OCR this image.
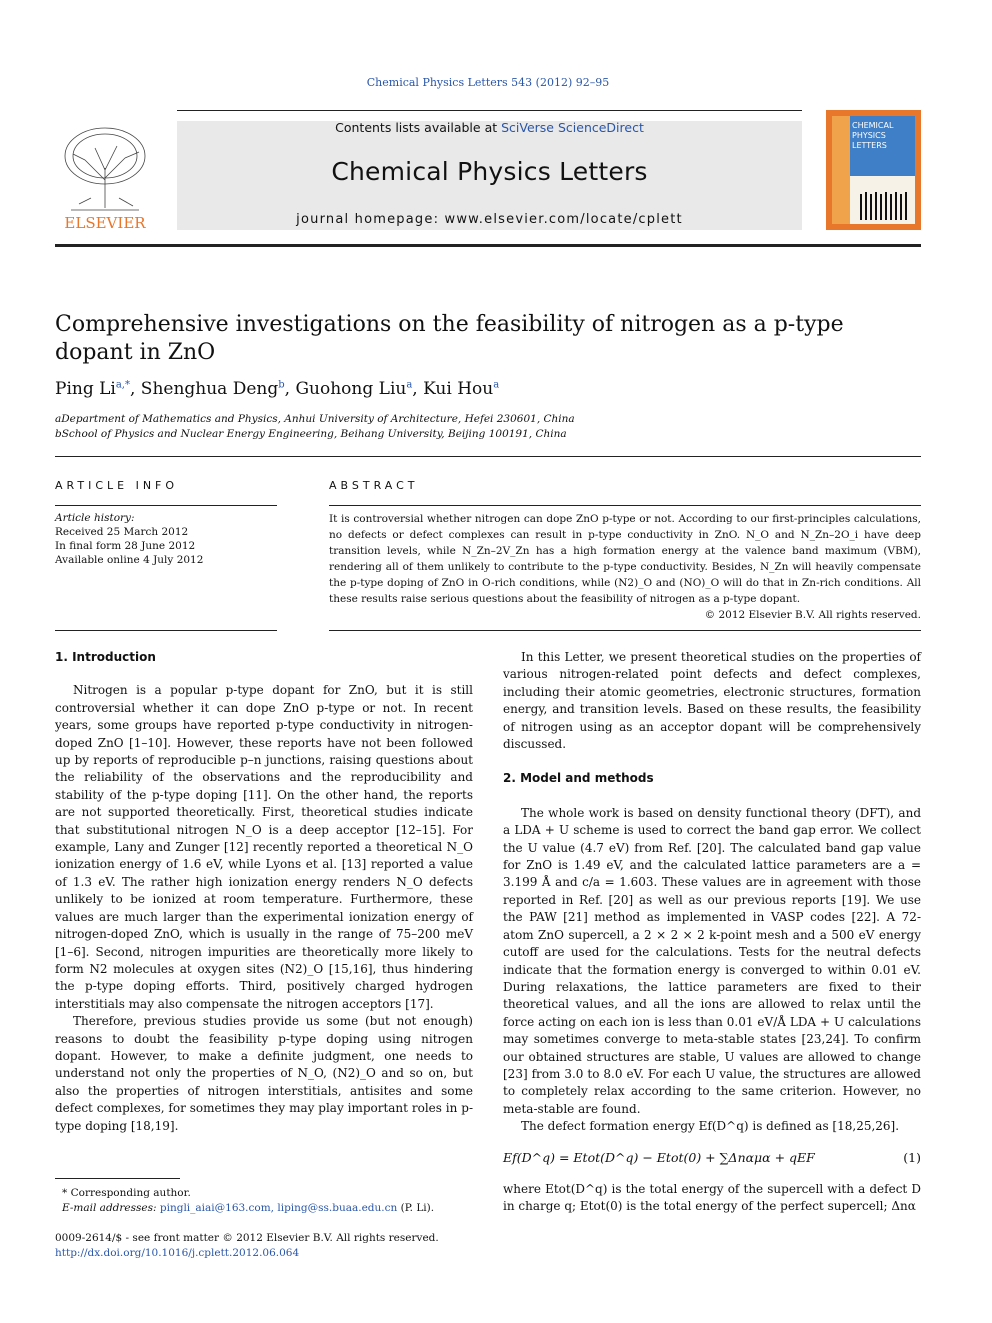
Chemical Physics Letters 543 (2012) 92–95
ELSEVIER
Contents lists available at SciVerse ScienceDirect
Chemical Physics Letters
journal homepage: www.elsevier.com/locate/cplett
CHEMICAL
PHYSICS
LETTERS
Comprehensive investigations on the feasibility of nitrogen as a p-type dopant in ZnO
Ping $Li^{a,*}$, Shenghua Deng$^b$, Guohong Liu$^a$, Kui Hou$^a$
aDepartment of Mathematics and Physics, Anhui University of Architecture, Hefei 230601, China
bSchool of Physics and Nuclear Energy Engineering, Beihang University, Beijing 100191, China
ARTICLE INFO
Article history:
Received 25 March 2012
In final form 28 June 2012
Available online 4 July 2012
ABSTRACT
It is controversial whether nitrogen can dope ZnO p-type or not. According to our first-principles calculations, no defects or defect complexes can result in p-type conductivity in ZnO. N_O and N_Zn–2O_i have deep transition levels, while N_Zn–2V_Zn has a high formation energy at the valence band maximum (VBM), rendering all of them unlikely to contribute to the p-type conductivity. Besides, N_Zn will heavily compensate the p-type doping of ZnO in O-rich conditions, while (N2)_O and (NO)_O will do that in Zn-rich conditions. All these results raise serious questions about the feasibility of nitrogen as a p-type dopant.
© 2012 Elsevier B.V. All rights reserved.
1. Introduction

Nitrogen is a popular p-type dopant for ZnO, but it is still controversial whether it can dope ZnO p-type or not. In recent years, some groups have reported p-type conductivity in nitrogen-doped ZnO [1–10]. However, these reports have not been followed up by reports of reproducible p–n junctions, raising questions about the reliability of the observations and the reproducibility and stability of the p-type doping [11]. On the other hand, the reports are not supported theoretically. First, theoretical studies indicate that substitutional nitrogen N_O is a deep acceptor [12–15]. For example, Lany and Zunger [12] recently reported a theoretical N_O ionization energy of 1.6 eV, while Lyons et al. [13] reported a value of 1.3 eV. The rather high ionization energy renders N_O defects unlikely to be ionized at room temperature. Furthermore, these values are much larger than the experimental ionization energy of nitrogen-doped ZnO, which is usually in the range of 75–200 meV [1–6]. Second, nitrogen impurities are theoretically more likely to form N2 molecules at oxygen sites (N2)_O [15,16], thus hindering the p-type doping efforts. Third, positively charged hydrogen interstitials may also compensate the nitrogen acceptors [17].

Therefore, previous studies provide us some (but not enough) reasons to doubt the feasibility p-type doping using nitrogen dopant. However, to make a definite judgment, one needs to understand not only the properties of N_O, (N2)_O and so on, but also the properties of nitrogen interstitials, antisites and some defect complexes, for sometimes they may play important roles in p-type doping [18,19].

* Corresponding author.
E-mail addresses: pingli_aiai@163.com, liping@ss.buaa.edu.cn (P. Li).
0009-2614/$ - see front matter © 2012 Elsevier B.V. All rights reserved.
http://dx.doi.org/10.1016/j.cplett.2012.06.064

In this Letter, we present theoretical studies on the properties of various nitrogen-related point defects and defect complexes, including their atomic geometries, electronic structures, formation energy, and transition levels. Based on these results, the feasibility of nitrogen using as an acceptor dopant will be comprehensively discussed.

2. Model and methods

The whole work is based on density functional theory (DFT), and a LDA + U scheme is used to correct the band gap error. We collect the U value (4.7 eV) from Ref. [20]. The calculated band gap value for ZnO is 1.49 eV, and the calculated lattice parameters are a = 3.199 Å and c/a = 1.603. These values are in agreement with those reported in Ref. [20] as well as our previous reports [19]. We use the PAW [21] method as implemented in VASP codes [22]. A 72-atom ZnO supercell, a 2 × 2 × 2 k-point mesh and a 500 eV energy cutoff are used for the calculations. Tests for the neutral defects indicate that the formation energy is converged to within 0.01 eV. During relaxations, the lattice parameters are fixed to their theoretical values, and all the ions are allowed to relax until the force acting on each ion is less than 0.01 eV/Å LDA + U calculations may sometimes converge to meta-stable states [23,24]. To confirm our obtained structures are stable, U values are allowed to change [23] from 3.0 to 8.0 eV. For each U value, the structures are allowed to completely relax according to the same criterion. However, no meta-stable are found.

The defect formation energy Ef(D^q) is defined as [18,25,26].

Ef(D^q) = Etot(D^q) − Etot(0) + ∑Δnαμα + qEF	(1)
where Etot(D^q) is the total energy of the supercell with a defect D in charge q; Etot(0) is the total energy of the perfect supercell; Δnα
